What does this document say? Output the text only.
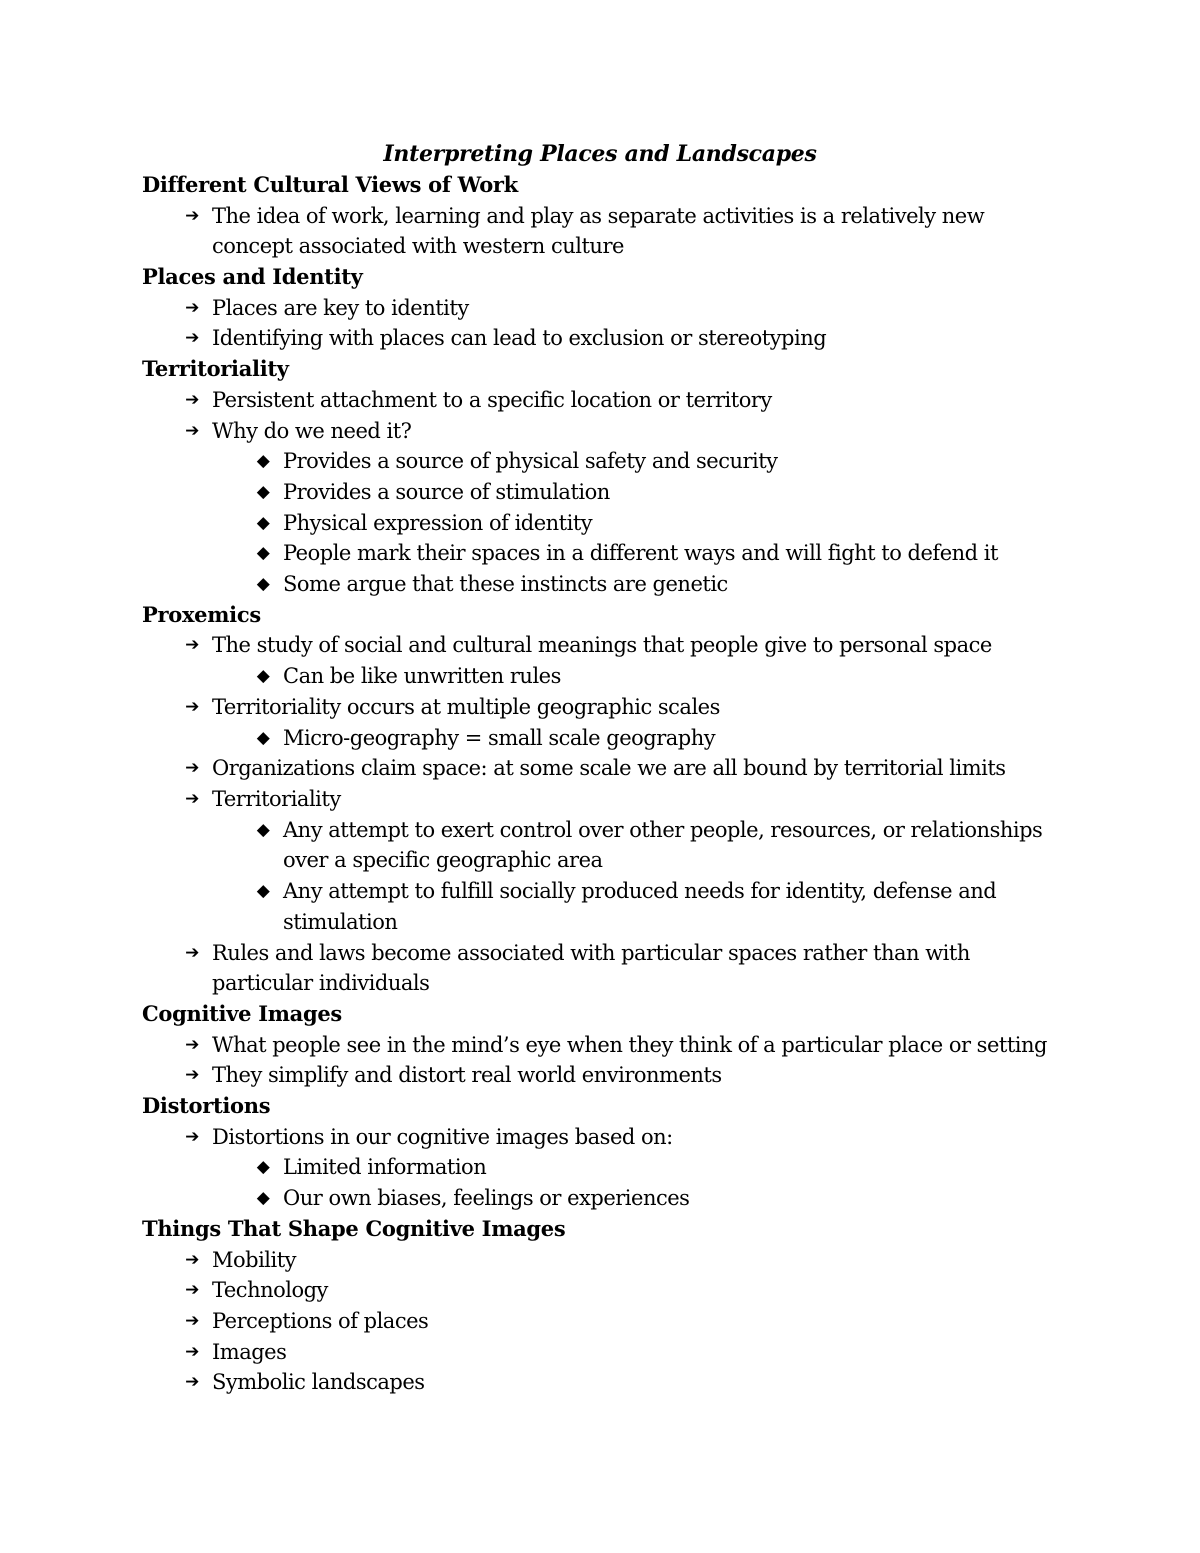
Interpreting Places and Landscapes
Different Cultural Views of Work
➔ The idea of work, learning and play as separate activities is a relatively new concept associated with western culture
Places and Identity
➔ Places are key to identity
➔ Identifying with places can lead to exclusion or stereotyping
Territoriality
➔ Persistent attachment to a specific location or territory
➔ Why do we need it?
◆ Provides a source of physical safety and security
◆ Provides a source of stimulation
◆ Physical expression of identity
◆ People mark their spaces in a different ways and will fight to defend it
◆ Some argue that these instincts are genetic
Proxemics
➔ The study of social and cultural meanings that people give to personal space
◆ Can be like unwritten rules
➔ Territoriality occurs at multiple geographic scales
◆ Micro-geography = small scale geography
➔ Organizations claim space: at some scale we are all bound by territorial limits
➔ Territoriality
◆ Any attempt to exert control over other people, resources, or relationships over a specific geographic area
◆ Any attempt to fulfill socially produced needs for identity, defense and stimulation
➔ Rules and laws become associated with particular spaces rather than with particular individuals
Cognitive Images
➔ What people see in the mind’s eye when they think of a particular place or setting
➔ They simplify and distort real world environments
Distortions
➔ Distortions in our cognitive images based on:
◆ Limited information
◆ Our own biases, feelings or experiences
Things That Shape Cognitive Images
➔ Mobility
➔ Technology
➔ Perceptions of places
➔ Images
➔ Symbolic landscapes
